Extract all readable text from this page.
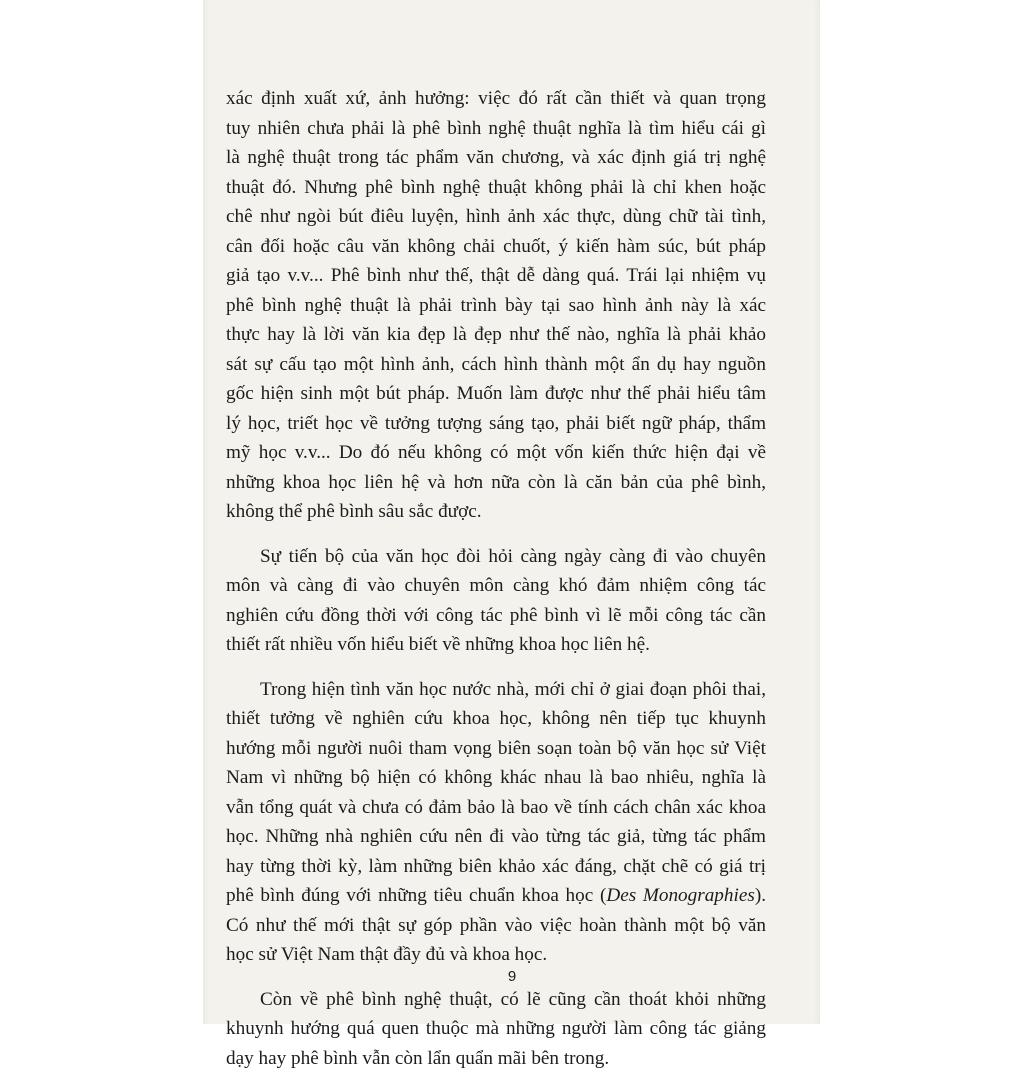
xác định xuất xứ, ảnh hưởng: việc đó rất cần thiết và quan trọng
tuy nhiên chưa phải là phê bình nghệ thuật nghĩa là tìm hiểu cái gì
là nghệ thuật trong tác phẩm văn chương, và xác định giá trị nghệ
thuật đó. Nhưng phê bình nghệ thuật không phải là chỉ khen hoặc
chê như ngòi bút điêu luyện, hình ảnh xác thực, dùng chữ tài tình,
cân đối hoặc câu văn không chải chuốt, ý kiến hàm súc, bút pháp
giả tạo v.v... Phê bình như thế, thật dễ dàng quá. Trái lại nhiệm vụ
phê bình nghệ thuật là phải trình bày tại sao hình ảnh này là xác
thực hay là lời văn kia đẹp là đẹp như thế nào, nghĩa là phải khảo
sát sự cấu tạo một hình ảnh, cách hình thành một ẩn dụ hay nguồn
gốc hiện sinh một bút pháp. Muốn làm được như thế phải hiểu tâm
lý học, triết học về tưởng tượng sáng tạo, phải biết ngữ pháp, thẩm
mỹ học v.v... Do đó nếu không có một vốn kiến thức hiện đại về
những khoa học liên hệ và hơn nữa còn là căn bản của phê bình,
không thể phê bình sâu sắc được.
Sự tiến bộ của văn học đòi hỏi càng ngày càng đi vào chuyên
môn và càng đi vào chuyên môn càng khó đảm nhiệm công tác
nghiên cứu đồng thời với công tác phê bình vì lẽ mỗi công tác cần
thiết rất nhiều vốn hiểu biết về những khoa học liên hệ.
Trong hiện tình văn học nước nhà, mới chỉ ở giai đoạn phôi thai,
thiết tưởng về nghiên cứu khoa học, không nên tiếp tục khuynh
hướng mỗi người nuôi tham vọng biên soạn toàn bộ văn học sử Việt
Nam vì những bộ hiện có không khác nhau là bao nhiêu, nghĩa là
vẫn tổng quát và chưa có đảm bảo là bao về tính cách chân xác khoa
học. Những nhà nghiên cứu nên đi vào từng tác giả, từng tác phẩm
hay từng thời kỳ, làm những biên khảo xác đáng, chặt chẽ có giá trị
phê bình đúng với những tiêu chuẩn khoa học (Des Monographies).
Có như thế mới thật sự góp phần vào việc hoàn thành một bộ văn
học sử Việt Nam thật đầy đủ và khoa học.
Còn về phê bình nghệ thuật, có lẽ cũng cần thoát khỏi những
khuynh hướng quá quen thuộc mà những người làm công tác giảng
dạy hay phê bình vẫn còn lẩn quẩn mãi bên trong.
9
